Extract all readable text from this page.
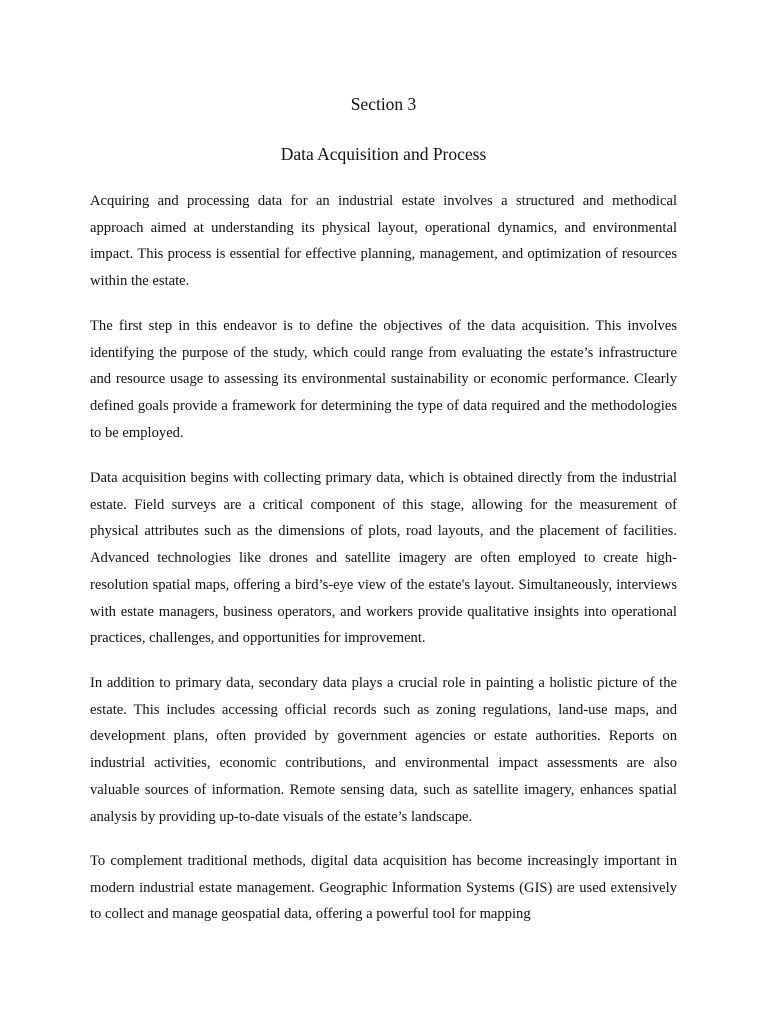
Section 3
Data Acquisition and Process

Acquiring and processing data for an industrial estate involves a structured and methodical approach aimed at understanding its physical layout, operational dynamics, and environmental impact. This process is essential for effective planning, management, and optimization of resources within the estate.

The first step in this endeavor is to define the objectives of the data acquisition. This involves identifying the purpose of the study, which could range from evaluating the estate’s infrastructure and resource usage to assessing its environmental sustainability or economic performance. Clearly defined goals provide a framework for determining the type of data required and the methodologies to be employed.

Data acquisition begins with collecting primary data, which is obtained directly from the industrial estate. Field surveys are a critical component of this stage, allowing for the measurement of physical attributes such as the dimensions of plots, road layouts, and the placement of facilities. Advanced technologies like drones and satellite imagery are often employed to create high-resolution spatial maps, offering a bird’s-eye view of the estate's layout. Simultaneously, interviews with estate managers, business operators, and workers provide qualitative insights into operational practices, challenges, and opportunities for improvement.

In addition to primary data, secondary data plays a crucial role in painting a holistic picture of the estate. This includes accessing official records such as zoning regulations, land-use maps, and development plans, often provided by government agencies or estate authorities. Reports on industrial activities, economic contributions, and environmental impact assessments are also valuable sources of information. Remote sensing data, such as satellite imagery, enhances spatial analysis by providing up-to-date visuals of the estate’s landscape.

To complement traditional methods, digital data acquisition has become increasingly important in modern industrial estate management. Geographic Information Systems (GIS) are used extensively to collect and manage geospatial data, offering a powerful tool for mapping
